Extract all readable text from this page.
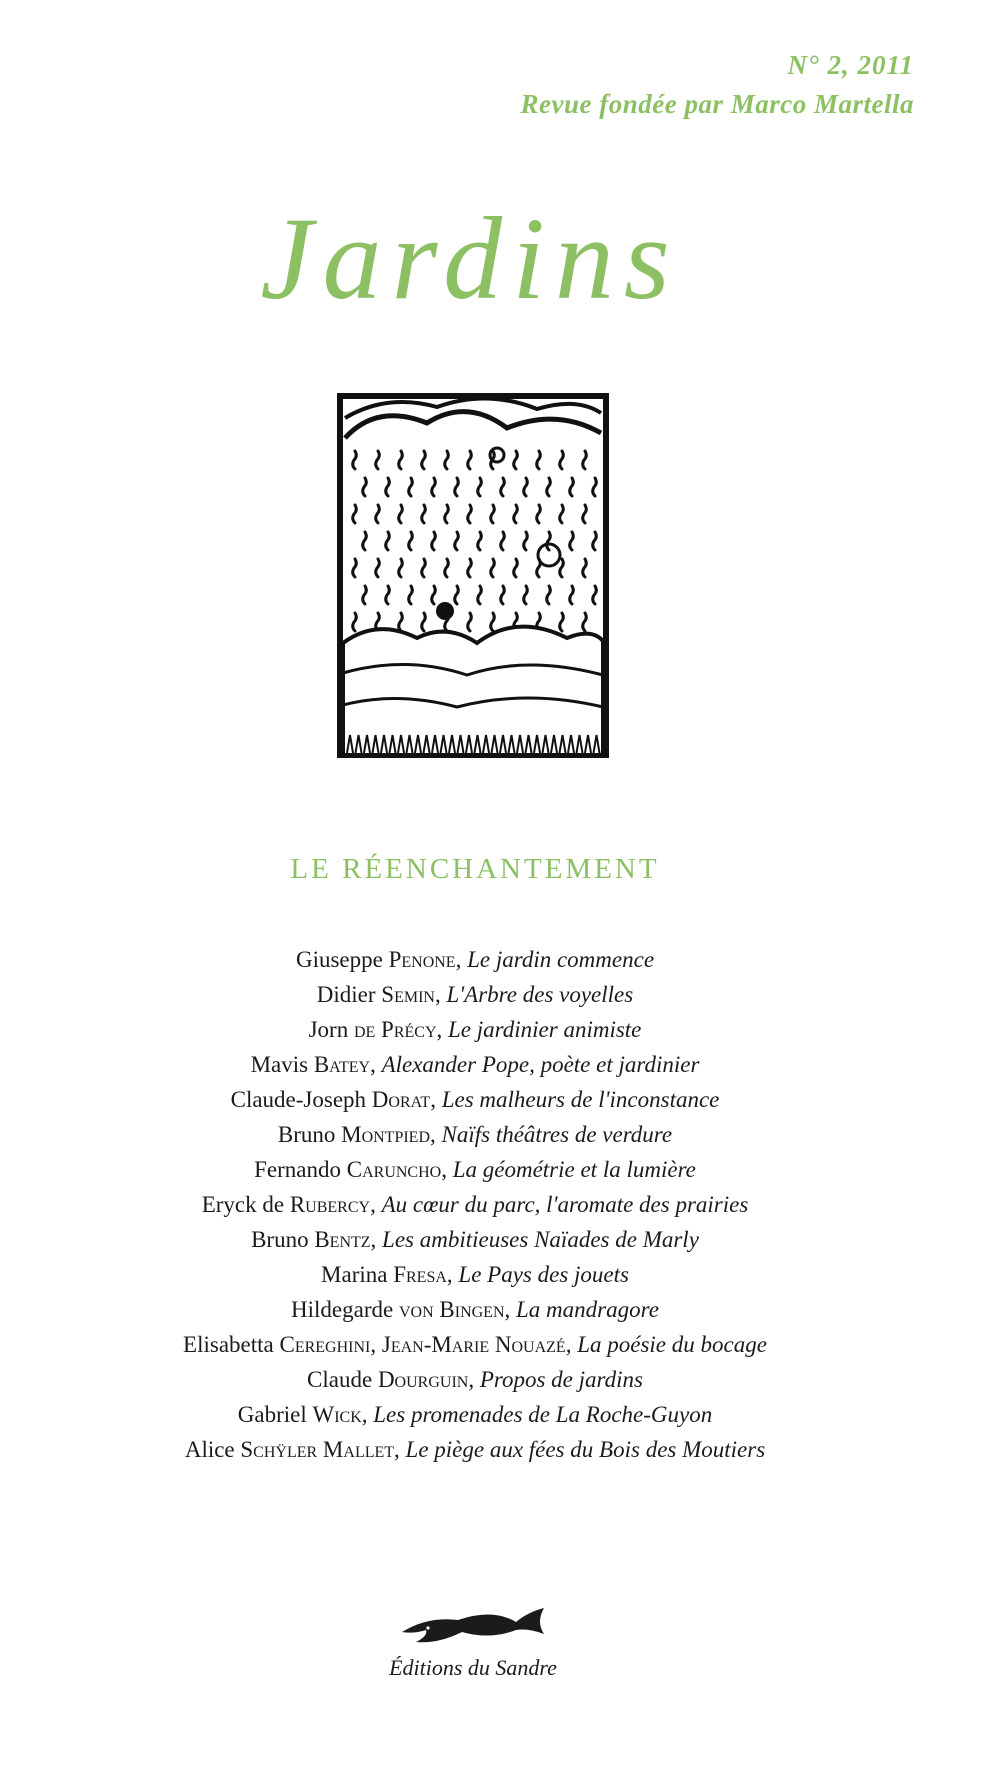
N° 2, 2011
Revue fondée par Marco Martella
Jardins
LE RÉENCHANTEMENT
Giuseppe Penone, Le jardin commence
Didier Semin, L'Arbre des voyelles
Jorn de Précy, Le jardinier animiste
Mavis Batey, Alexander Pope, poète et jardinier
Claude-Joseph Dorat, Les malheurs de l'inconstance
Bruno Montpied, Naïfs théâtres de verdure
Fernando Caruncho, La géométrie et la lumière
Eryck de Rubercy, Au cœur du parc, l'aromate des prairies
Bruno Bentz, Les ambitieuses Naïades de Marly
Marina Fresa, Le Pays des jouets
Hildegarde von Bingen, La mandragore
Elisabetta Cereghini, Jean-Marie Nouazé, La poésie du bocage
Claude Dourguin, Propos de jardins
Gabriel Wick, Les promenades de La Roche-Guyon
Alice Schÿler Mallet, Le piège aux fées du Bois des Moutiers
Éditions du Sandre
